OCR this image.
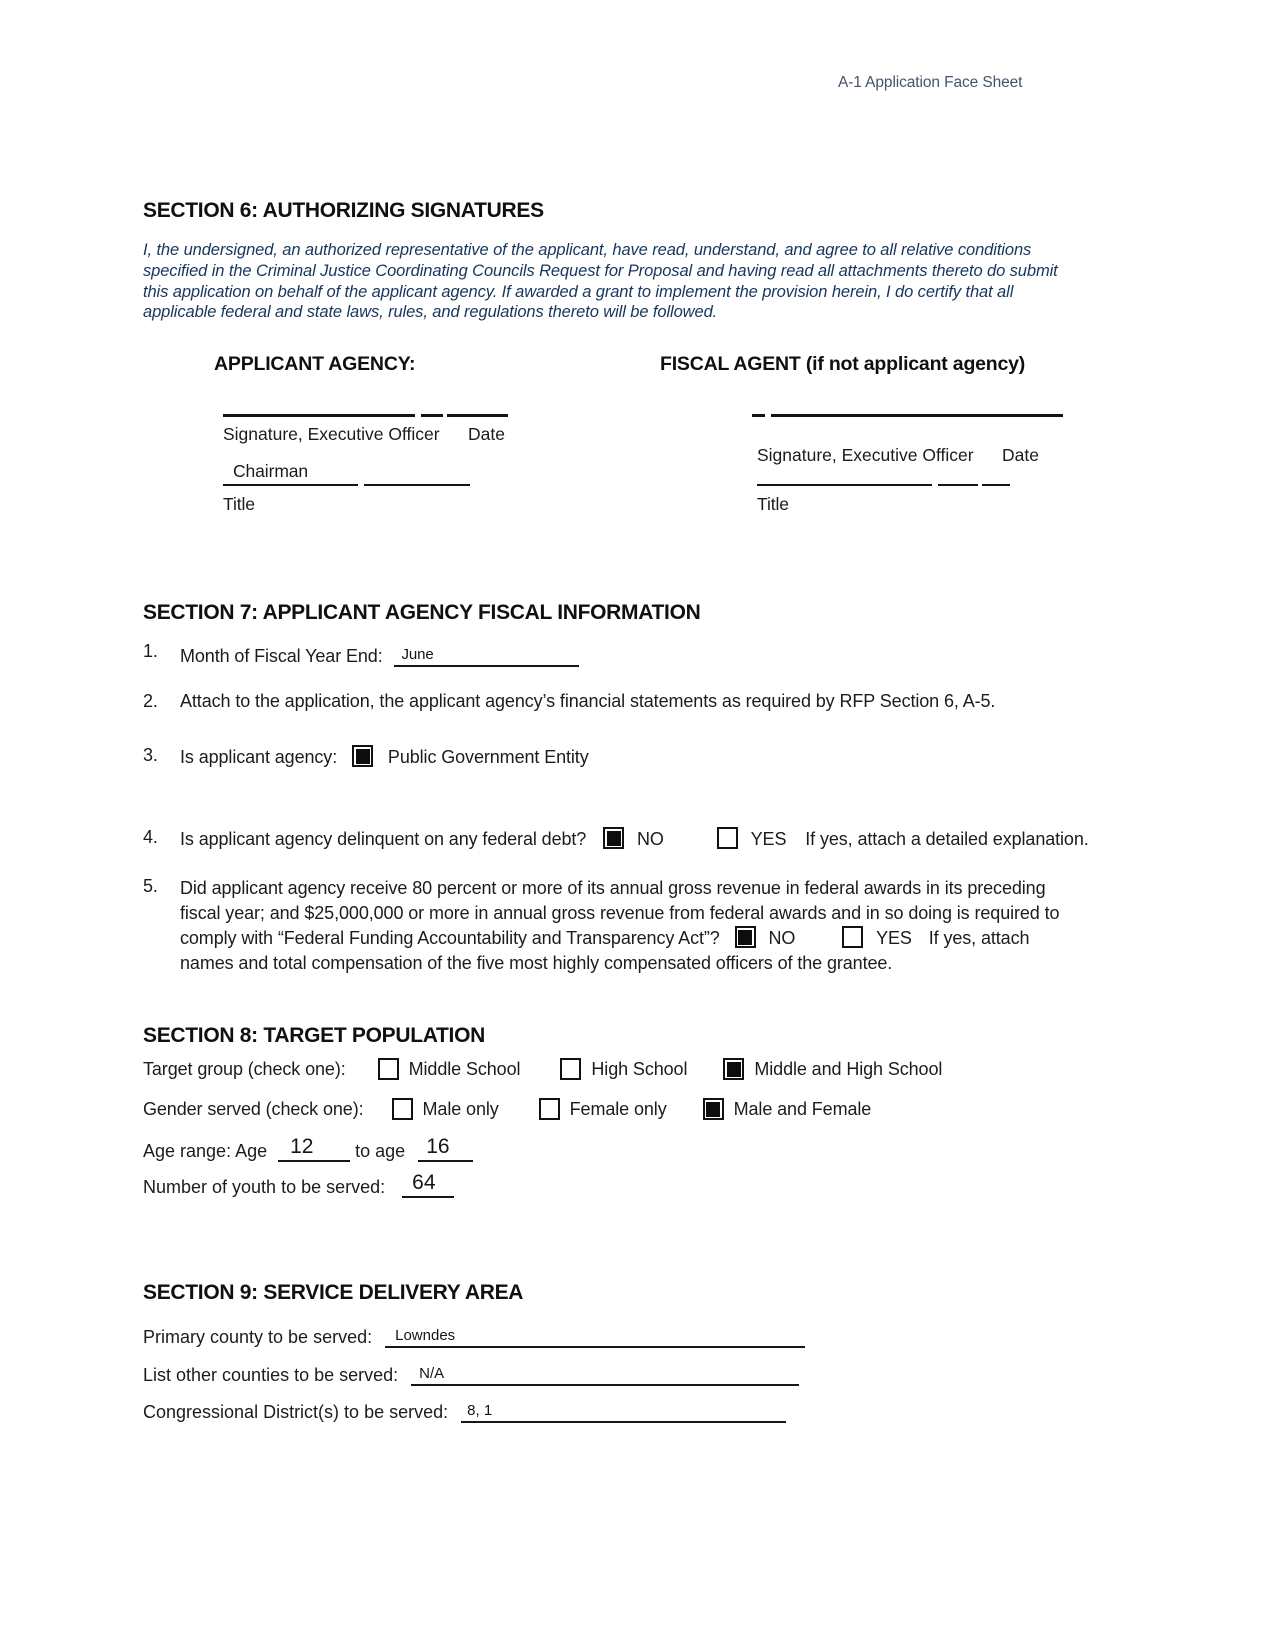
A-1 Application Face Sheet
SECTION 6: AUTHORIZING SIGNATURES
I, the undersigned, an authorized representative of the applicant, have read, understand, and agree to all relative conditions specified in the Criminal Justice Coordinating Councils Request for Proposal and having read all attachments thereto do submit this application on behalf of the applicant agency. If awarded a grant to implement the provision herein, I do certify that all applicable federal and state laws, rules, and regulations thereto will be followed.
APPLICANT AGENCY:	FISCAL AGENT (if not applicant agency)
Signature, Executive Officer Date
Signature, Executive Officer Date
Chairman
Title	Title
SECTION 7: APPLICANT AGENCY FISCAL INFORMATION
1.	Month of Fiscal Year End: June
2.	Attach to the application, the applicant agency’s financial statements as required by RFP Section 6, A-5.
3.	Is applicant agency:	Public Government Entity
4.	Is applicant agency delinquent on any federal debt?	NO	YES If yes, attach a detailed explanation.
5.	Did applicant agency receive 80 percent or more of its annual gross revenue in federal awards in its preceding fiscal year; and $25,000,000 or more in annual gross revenue from federal awards and in so doing is required to comply with “Federal Funding Accountability and Transparency Act”?	NO	YES If yes, attach names and total compensation of the five most highly compensated officers of the grantee.
SECTION 8: TARGET POPULATION
Target group (check one):	Middle School	High School	Middle and High School
Gender served (check one):	Male only	Female only	Male and Female
Age range: Age 12 to age 16
Number of youth to be served: 64
SECTION 9: SERVICE DELIVERY AREA
Primary county to be served: Lowndes
List other counties to be served: N/A
Congressional District(s) to be served: 8, 1
